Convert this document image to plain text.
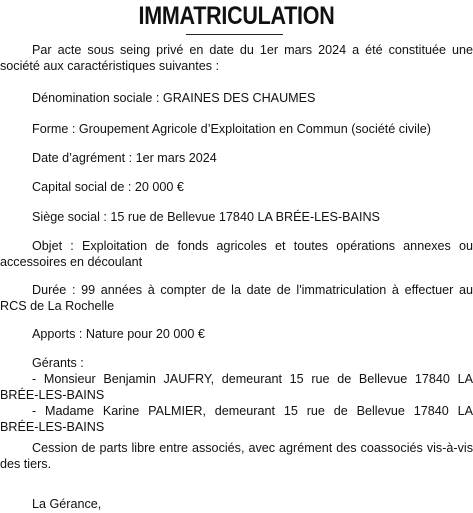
IMMATRICULATION

Par acte sous seing privé en date du 1er mars 2024 a été constituée une société aux caractéristiques suivantes :

Dénomination sociale : GRAINES DES CHAUMES

Forme : Groupement Agricole d’Exploitation en Commun (société civile)

Date d’agrément : 1er mars 2024

Capital social de : 20 000 €

Siège social : 15 rue de Bellevue 17840 LA BRÉE-LES-BAINS

Objet : Exploitation de fonds agricoles et toutes opérations annexes ou accessoires en découlant

Durée : 99 années à compter de la date de l'immatriculation à effectuer au RCS de La Rochelle

Apports : Nature pour 20 000 €

Gérants :
- Monsieur Benjamin JAUFRY, demeurant 15 rue de Bellevue 17840 LA
BRÉE-LES-BAINS
- Madame Karine PALMIER, demeurant 15 rue de Bellevue 17840 LA
BRÉE-LES-BAINS

Cession de parts libre entre associés, avec agrément des coassociés vis-à-vis des tiers.

La Gérance,
